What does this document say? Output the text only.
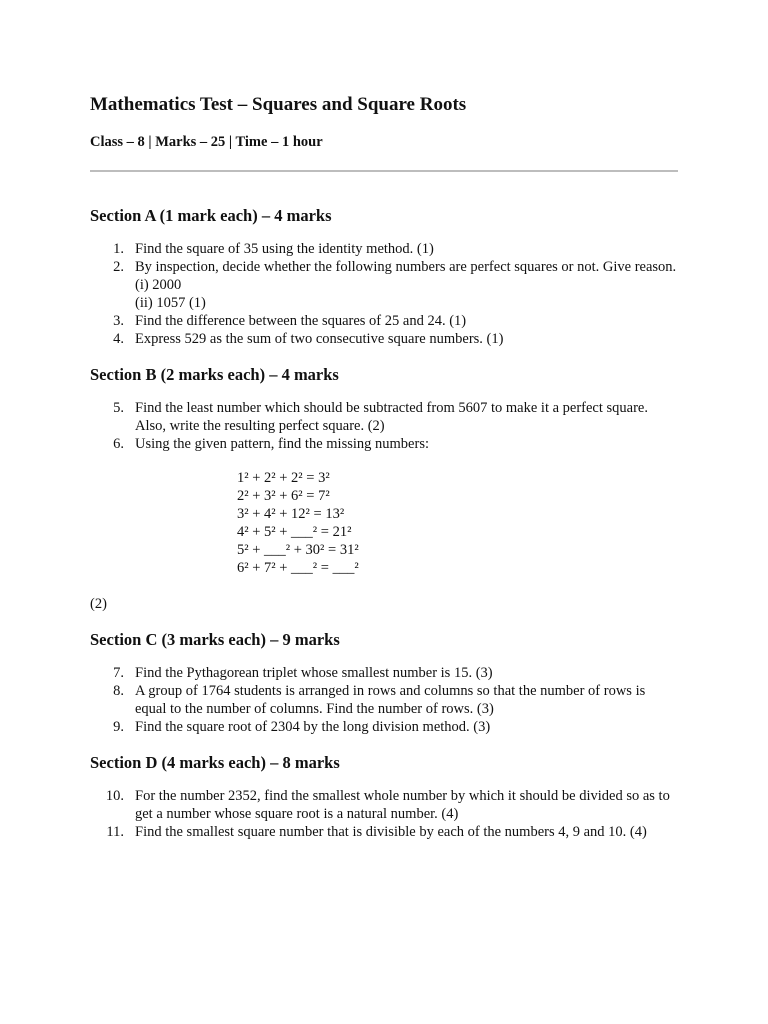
Mathematics Test – Squares and Square Roots
Class – 8 | Marks – 25 | Time – 1 hour
Section A (1 mark each) – 4 marks
1. Find the square of 35 using the identity method. (1)
2. By inspection, decide whether the following numbers are perfect squares or not. Give reason.
(i) 2000
(ii) 1057 (1)
3. Find the difference between the squares of 25 and 24. (1)
4. Express 529 as the sum of two consecutive square numbers. (1)
Section B (2 marks each) – 4 marks
5. Find the least number which should be subtracted from 5607 to make it a perfect square. Also, write the resulting perfect square. (2)
6. Using the given pattern, find the missing numbers:
1² + 2² + 2² = 3²
2² + 3² + 6² = 7²
3² + 4² + 12² = 13²
4² + 5² + ___² = 21²
5² + ___² + 30² = 31²
6² + 7² + ___² = ___²
(2)
Section C (3 marks each) – 9 marks
7. Find the Pythagorean triplet whose smallest number is 15. (3)
8. A group of 1764 students is arranged in rows and columns so that the number of rows is equal to the number of columns. Find the number of rows. (3)
9. Find the square root of 2304 by the long division method. (3)
Section D (4 marks each) – 8 marks
10. For the number 2352, find the smallest whole number by which it should be divided so as to get a number whose square root is a natural number. (4)
11. Find the smallest square number that is divisible by each of the numbers 4, 9 and 10. (4)
